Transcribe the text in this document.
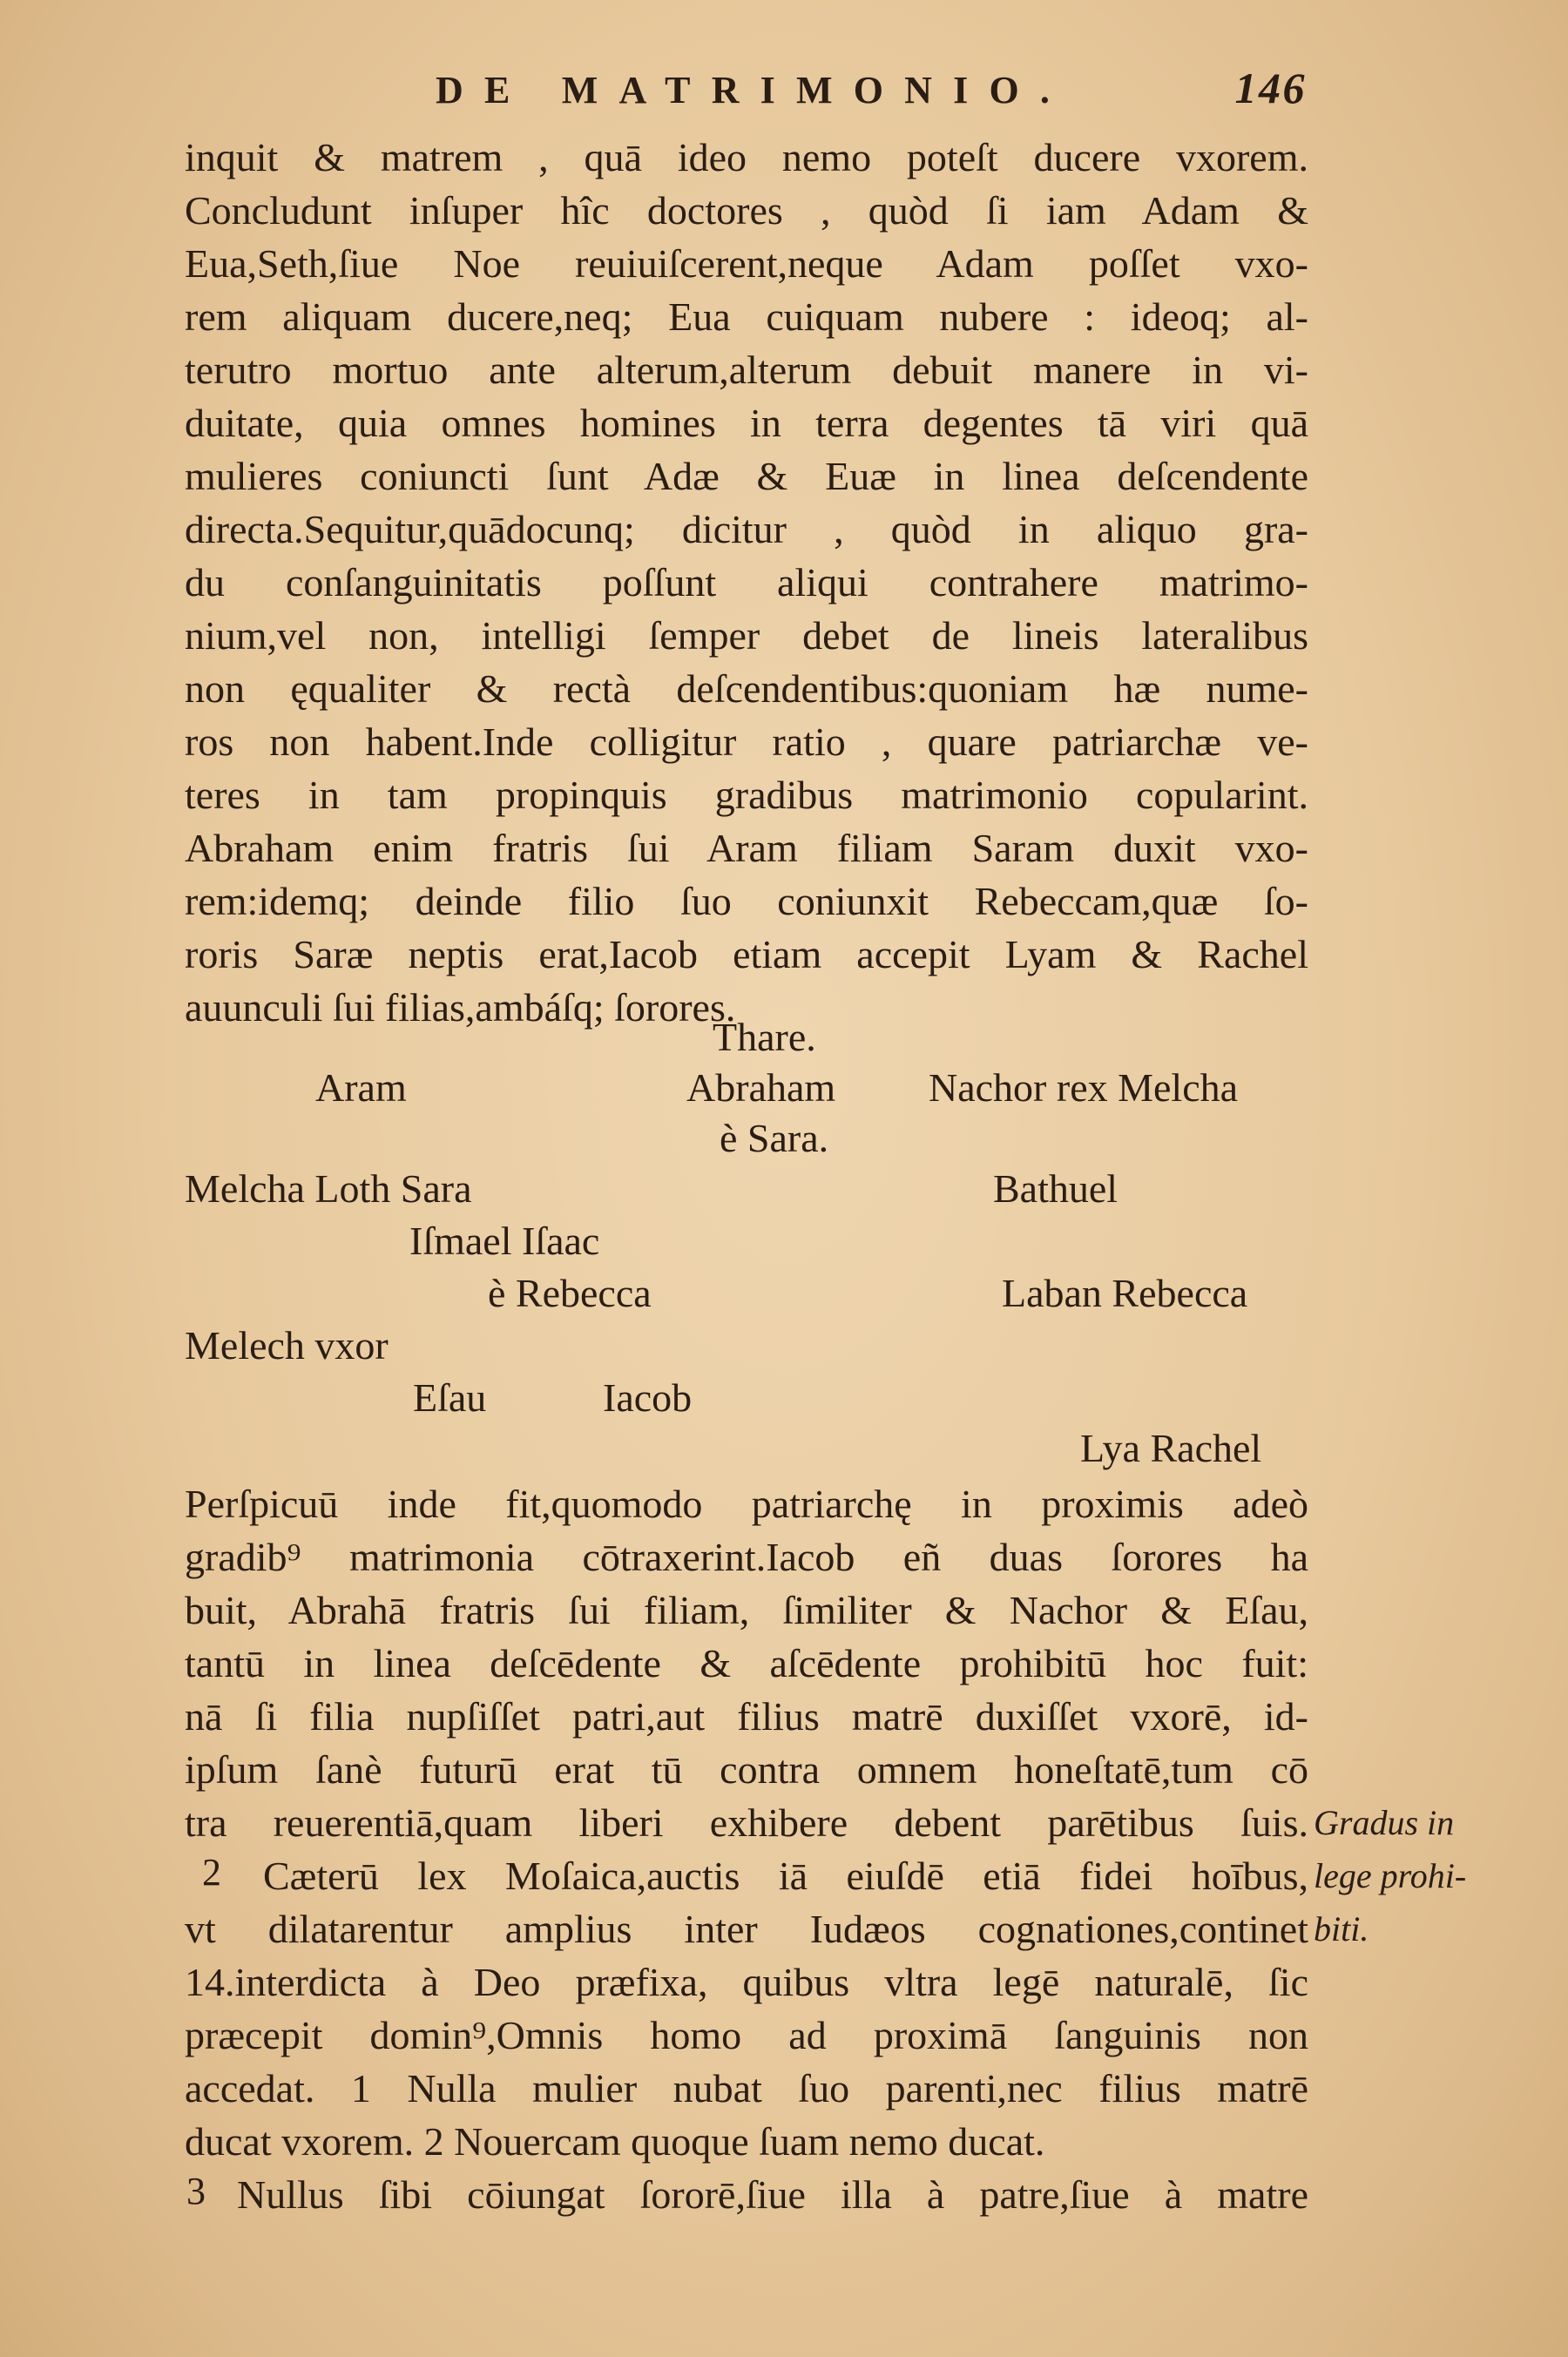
DE MATRIMONIO.	146
inquit & matrem , quā ideo nemo poteſt ducere vxorem.
Concludunt inſuper hîc doctores , quòd ſi iam Adam &
Eua,Seth,ſiue Noe reuiuiſcerent,neque Adam poſſet vxo-
rem aliquam ducere,neq; Eua cuiquam nubere : ideoq; al-
terutro mortuo ante alterum,alterum debuit manere in vi-
duitate, quia omnes homines in terra degentes tā viri quā
mulieres coniuncti ſunt Adæ & Euæ in linea deſcendente
directa.Sequitur,quādocunq; dicitur , quòd in aliquo gra-
du conſanguinitatis poſſunt aliqui contrahere matrimo-
nium,vel non, intelligi ſemper debet de lineis lateralibus
non ęqualiter & rectà deſcendentibus:quoniam hæ nume-
ros non habent.Inde colligitur ratio , quare patriarchæ ve-
teres in tam propinquis gradibus matrimonio copularint.
Abraham enim fratris ſui Aram filiam Saram duxit vxo-
rem:idemq; deinde filio ſuo coniunxit Rebeccam,quæ ſo-
roris Saræ neptis erat,Iacob etiam accepit Lyam & Rachel
auunculi ſui filias,ambáſq; ſorores.
Thare.
Aram	Abraham Nachor rex Melcha
è Sara.
Melcha Loth Sara	Bathuel
Iſmael Iſaac
è Rebecca	Laban Rebecca
Melech vxor
Eſau	Iacob
Lya Rachel
Perſpicuū inde fit,quomodo patriarchę in proximis adeò
gradib⁹ matrimonia cōtraxerint.Iacob eñ duas ſorores ha
buit, Abrahā fratris ſui filiam, ſimiliter & Nachor & Eſau,
tantū in linea deſcēdente & aſcēdente prohibitū hoc fuit:
nā ſi filia nupſiſſet patri,aut filius matrē duxiſſet vxorē, id-
ipſum ſanè futurū erat tū contra omnem honeſtatē,tum cō
tra reuerentiā,quam liberi exhibere debent parētibus ſuis.
Cæterū lex Moſaica,auctis iā eiuſdē etiā fidei hoībus,
vt dilatarentur amplius inter Iudæos cognationes,continet
14.interdicta à Deo præfixa, quibus vltra legē naturalē, ſic
præcepit domin⁹,Omnis homo ad proximā ſanguinis non
accedat. 1 Nulla mulier nubat ſuo parenti,nec filius matrē
ducat vxorem. 2 Nouercam quoque ſuam nemo ducat.
Nullus ſibi cōiungat ſororē,ſiue illa à patre,ſiue à matre
2
3
Gradus in
lege prohi-
biti.
